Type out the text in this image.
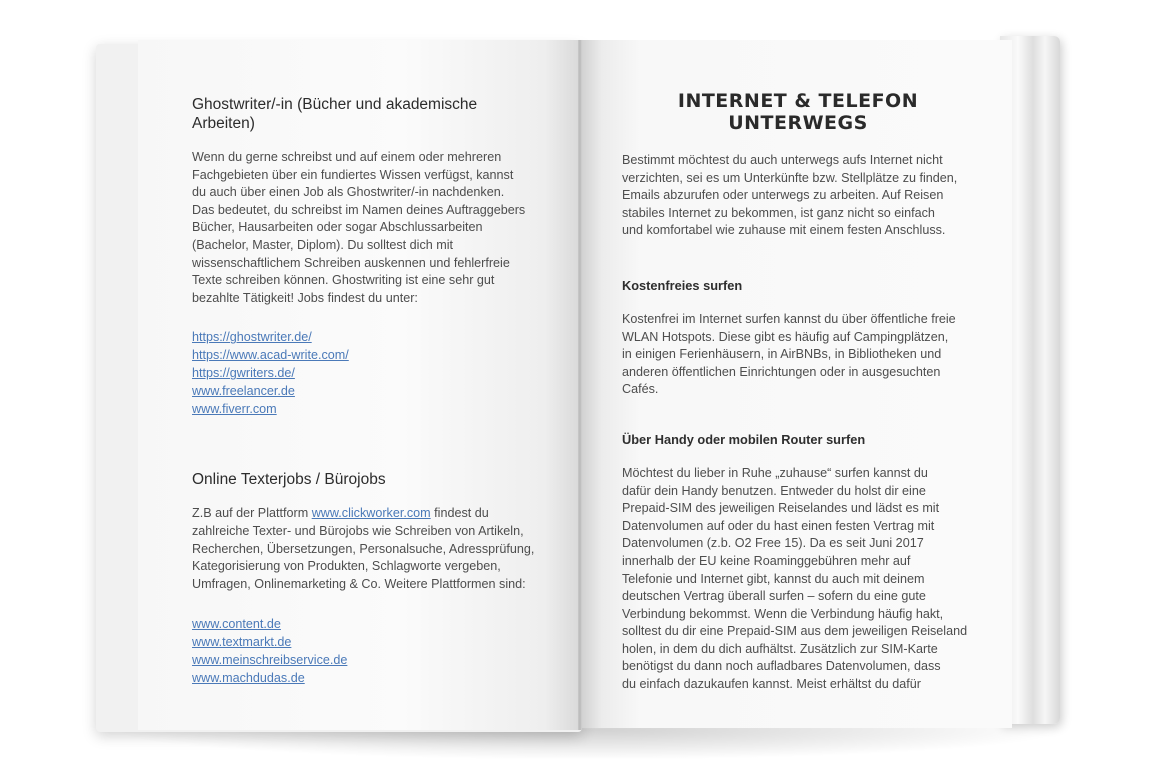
Ghostwriter/-in (Bücher und akademische Arbeiten)

Wenn du gerne schreibst und auf einem oder mehreren

Fachgebieten über ein fundiertes Wissen verfügst, kannst

du auch über einen Job als Ghostwriter/-in nachdenken.

Das bedeutet, du schreibst im Namen deines Auftraggebers

Bücher, Hausarbeiten oder sogar Abschlussarbeiten

(Bachelor, Master, Diplom). Du solltest dich mit

wissenschaftlichem Schreiben auskennen und fehlerfreie

Texte schreiben können. Ghostwriting ist eine sehr gut

bezahlte Tätigkeit! Jobs findest du unter:

https://ghostwriter.de/
https://www.acad-write.com/
https://gwriters.de/
www.freelancer.de
www.fiverr.com
Online Texterjobs / Bürojobs

Z.B auf der Plattform www.clickworker.com findest du

zahlreiche Texter- und Bürojobs wie Schreiben von Artikeln,

Recherchen, Übersetzungen, Personalsuche, Adressprüfung,

Kategorisierung von Produkten, Schlagworte vergeben,

Umfragen, Onlinemarketing & Co. Weitere Plattformen sind:

www.content.de
www.textmarkt.de
www.meinschreibservice.de
www.machdudas.de
INTERNET & TELEFON UNTERWEGS

Bestimmt möchtest du auch unterwegs aufs Internet nicht

verzichten, sei es um Unterkünfte bzw. Stellplätze zu finden,

Emails abzurufen oder unterwegs zu arbeiten. Auf Reisen

stabiles Internet zu bekommen, ist ganz nicht so einfach

und komfortabel wie zuhause mit einem festen Anschluss.

Kostenfreies surfen

Kostenfrei im Internet surfen kannst du über öffentliche freie

WLAN Hotspots. Diese gibt es häufig auf Campingplätzen,

in einigen Ferienhäusern, in AirBNBs, in Bibliotheken und

anderen öffentlichen Einrichtungen oder in ausgesuchten

Cafés.

Über Handy oder mobilen Router surfen

Möchtest du lieber in Ruhe „zuhause“ surfen kannst du

dafür dein Handy benutzen. Entweder du holst dir eine

Prepaid-SIM des jeweiligen Reiselandes und lädst es mit

Datenvolumen auf oder du hast einen festen Vertrag mit

Datenvolumen (z.b. O2 Free 15). Da es seit Juni 2017

innerhalb der EU keine Roaminggebühren mehr auf

Telefonie und Internet gibt, kannst du auch mit deinem

deutschen Vertrag überall surfen – sofern du eine gute

Verbindung bekommst. Wenn die Verbindung häufig hakt,

solltest du dir eine Prepaid-SIM aus dem jeweiligen Reiseland

holen, in dem du dich aufhältst. Zusätzlich zur SIM-Karte

benötigst du dann noch aufladbares Datenvolumen, dass

du einfach dazukaufen kannst. Meist erhältst du dafür
